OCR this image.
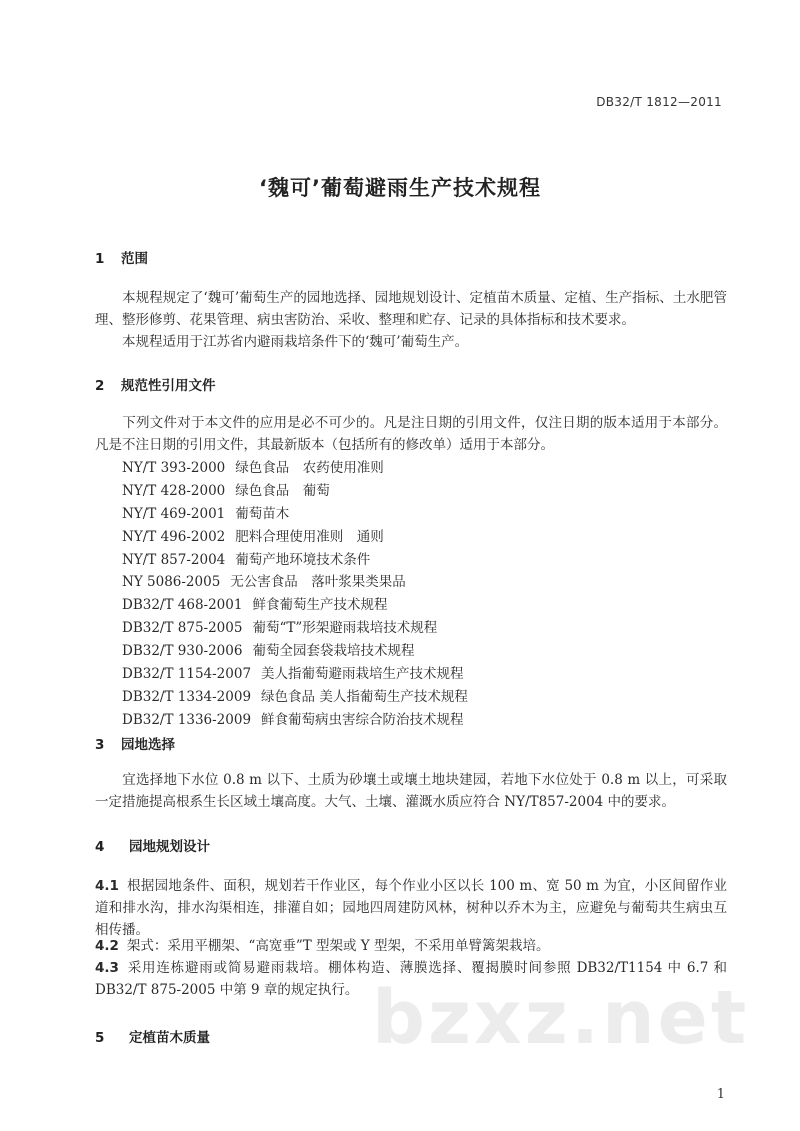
DB32/T 1812—2011
‘魏可’葡萄避雨生产技术规程
1 范围
本规程规定了‘魏可’葡萄生产的园地选择、园地规划设计、定植苗木质量、定植、生产指标、土水肥管理、整形修剪、花果管理、病虫害防治、采收、整理和贮存、记录的具体指标和技术要求。
本规程适用于江苏省内避雨栽培条件下的‘魏可’葡萄生产。
2 规范性引用文件
下列文件对于本文件的应用是必不可少的。凡是注日期的引用文件，仅注日期的版本适用于本部分。凡是不注日期的引用文件，其最新版本（包括所有的修改单）适用于本部分。
NY/T 393-2000 绿色食品　农药使用准则
NY/T 428-2000 绿色食品　葡萄
NY/T 469-2001 葡萄苗木
NY/T 496-2002 肥料合理使用准则　通则
NY/T 857-2004 葡萄产地环境技术条件
NY 5086-2005 无公害食品　落叶浆果类果品
DB32/T 468-2001 鲜食葡萄生产技术规程
DB32/T 875-2005 葡萄“T”形架避雨栽培技术规程
DB32/T 930-2006 葡萄全园套袋栽培技术规程
DB32/T 1154-2007 美人指葡萄避雨栽培生产技术规程
DB32/T 1334-2009 绿色食品 美人指葡萄生产技术规程
DB32/T 1336-2009 鲜食葡萄病虫害综合防治技术规程
3 园地选择
宜选择地下水位 0.8 m 以下、土质为砂壤土或壤土地块建园，若地下水位处于 0.8 m 以上，可采取一定措施提高根系生长区域土壤高度。大气、土壤、灌溉水质应符合 NY/T857-2004 中的要求。
4 园地规划设计
4.1 根据园地条件、面积，规划若干作业区，每个作业小区以长 100 m、宽 50 m 为宜，小区间留作业道和排水沟，排水沟渠相连，排灌自如；园地四周建防风林，树种以乔木为主，应避免与葡萄共生病虫互相传播。
4.2 架式：采用平棚架、“高宽垂”T 型架或 Y 型架，不采用单臂篱架栽培。
4.3 采用连栋避雨或简易避雨栽培。棚体构造、薄膜选择、覆揭膜时间参照 DB32/T1154 中 6.7 和 DB32/T 875-2005 中第 9 章的规定执行。
5 定植苗木质量 bzxz.net
1
